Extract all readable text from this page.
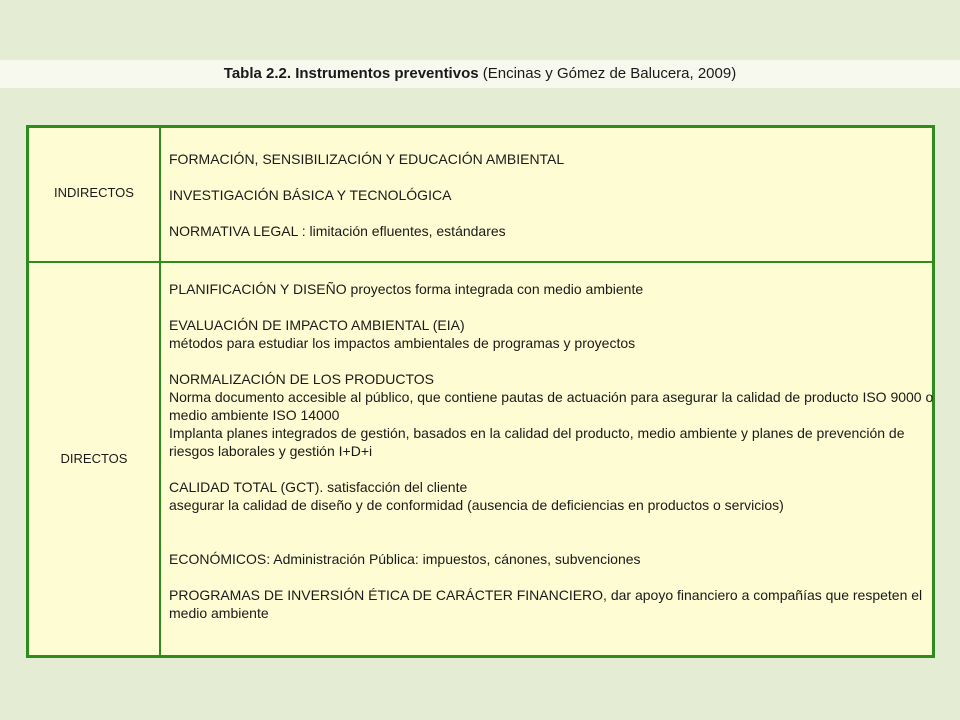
Tabla 2.2. Instrumentos preventivos (Encinas y Gómez de Balucera, 2009)
INDIRECTOS

FORMACIÓN, SENSIBILIZACIÓN Y EDUCACIÓN AMBIENTAL

INVESTIGACIÓN BÁSICA Y TECNOLÓGICA

NORMATIVA LEGAL : limitación efluentes, estándares

DIRECTOS

PLANIFICACIÓN Y DISEÑO proyectos forma integrada con medio ambiente

EVALUACIÓN DE IMPACTO AMBIENTAL (EIA)

métodos para estudiar los impactos ambientales de programas y proyectos

NORMALIZACIÓN DE LOS PRODUCTOS

Norma documento accesible al público, que contiene pautas de actuación para asegurar la calidad de producto ISO 9000 o medio ambiente ISO 14000

Implanta planes integrados de gestión, basados en la calidad del producto, medio ambiente y planes de prevención de riesgos laborales y gestión I+D+i

CALIDAD TOTAL (GCT). satisfacción del cliente

asegurar la calidad de diseño y de conformidad (ausencia de deficiencias en productos o servicios)

ECONÓMICOS: Administración Pública: impuestos, cánones, subvenciones

PROGRAMAS DE INVERSIÓN ÉTICA DE CARÁCTER FINANCIERO, dar apoyo financiero a compañías que respeten el medio ambiente
